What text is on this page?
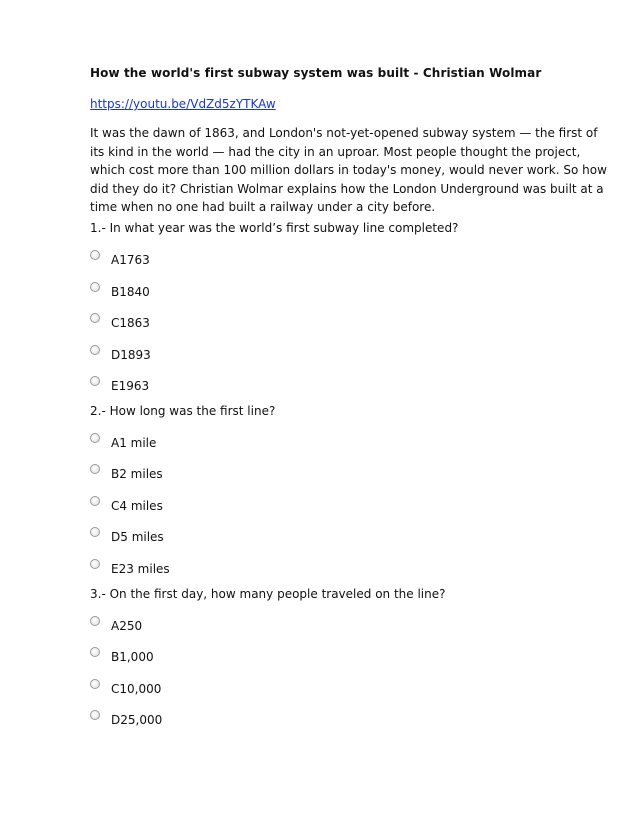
How the world's first subway system was built - Christian Wolmar
https://youtu.be/VdZd5zYTKAw

It was the dawn of 1863, and London's not-yet-opened subway system — the first of

its kind in the world — had the city in an uproar. Most people thought the project,

which cost more than 100 million dollars in today's money, would never work. So how

did they do it? Christian Wolmar explains how the London Underground was built at a

time when no one had built a railway under a city before.

1.- In what year was the world’s first subway line completed?
A1763
B1840
C1863
D1893
E1963
2.- How long was the first line?
A1 mile
B2 miles
C4 miles
D5 miles
E23 miles
3.- On the first day, how many people traveled on the line?
A250
B1,000
C10,000
D25,000
